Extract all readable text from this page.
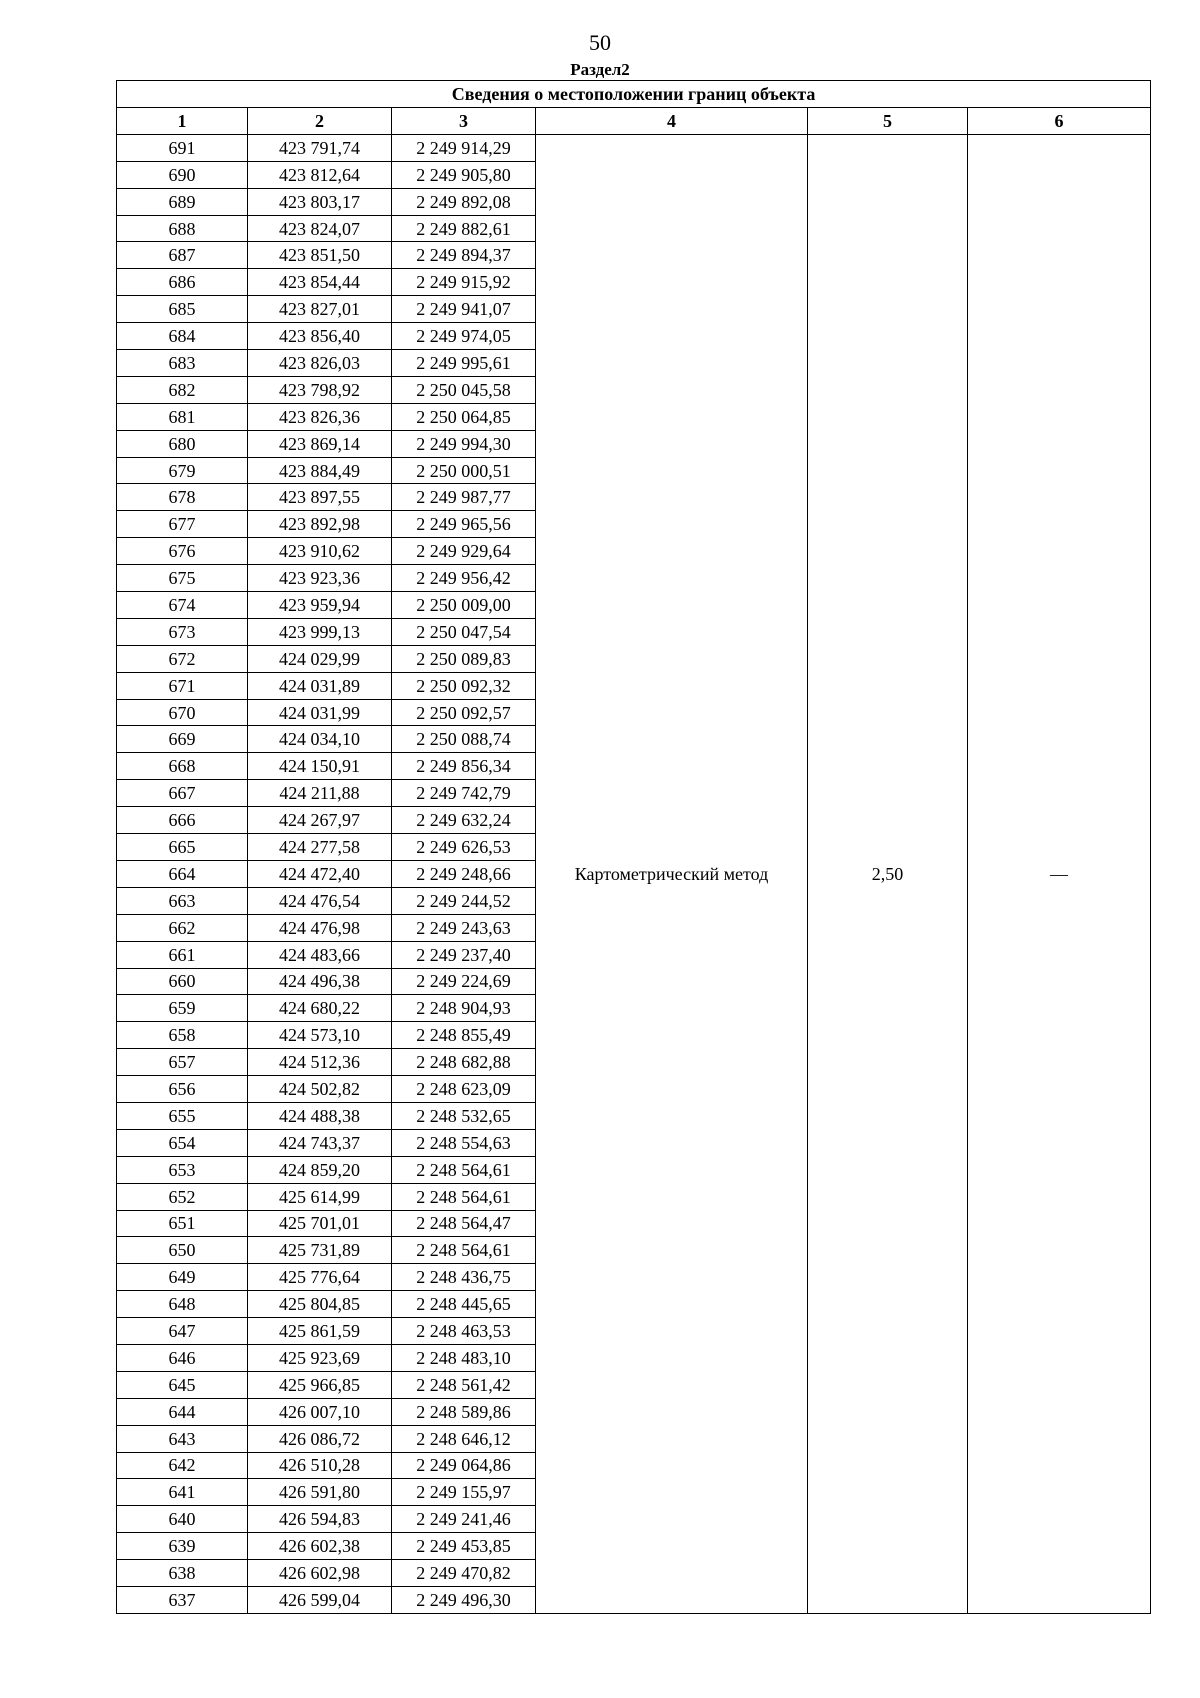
50
Раздел2
Сведения о местоположении границ объекта					
1	2	3	4	5	6
691	423 791,74	2 249 914,29	Картометрический метод	2,50	—
690	423 812,64	2 249 905,80			
689	423 803,17	2 249 892,08			
688	423 824,07	2 249 882,61			
687	423 851,50	2 249 894,37			
686	423 854,44	2 249 915,92			
685	423 827,01	2 249 941,07			
684	423 856,40	2 249 974,05			
683	423 826,03	2 249 995,61			
682	423 798,92	2 250 045,58			
681	423 826,36	2 250 064,85			
680	423 869,14	2 249 994,30			
679	423 884,49	2 250 000,51			
678	423 897,55	2 249 987,77			
677	423 892,98	2 249 965,56			
676	423 910,62	2 249 929,64			
675	423 923,36	2 249 956,42			
674	423 959,94	2 250 009,00			
673	423 999,13	2 250 047,54			
672	424 029,99	2 250 089,83			
671	424 031,89	2 250 092,32			
670	424 031,99	2 250 092,57			
669	424 034,10	2 250 088,74			
668	424 150,91	2 249 856,34			
667	424 211,88	2 249 742,79			
666	424 267,97	2 249 632,24			
665	424 277,58	2 249 626,53			
664	424 472,40	2 249 248,66			
663	424 476,54	2 249 244,52			
662	424 476,98	2 249 243,63			
661	424 483,66	2 249 237,40			
660	424 496,38	2 249 224,69			
659	424 680,22	2 248 904,93			
658	424 573,10	2 248 855,49			
657	424 512,36	2 248 682,88			
656	424 502,82	2 248 623,09			
655	424 488,38	2 248 532,65			
654	424 743,37	2 248 554,63			
653	424 859,20	2 248 564,61			
652	425 614,99	2 248 564,61			
651	425 701,01	2 248 564,47			
650	425 731,89	2 248 564,61			
649	425 776,64	2 248 436,75			
648	425 804,85	2 248 445,65			
647	425 861,59	2 248 463,53			
646	425 923,69	2 248 483,10			
645	425 966,85	2 248 561,42			
644	426 007,10	2 248 589,86			
643	426 086,72	2 248 646,12			
642	426 510,28	2 249 064,86			
641	426 591,80	2 249 155,97			
640	426 594,83	2 249 241,46			
639	426 602,38	2 249 453,85			
638	426 602,98	2 249 470,82			
637	426 599,04	2 249 496,30			
